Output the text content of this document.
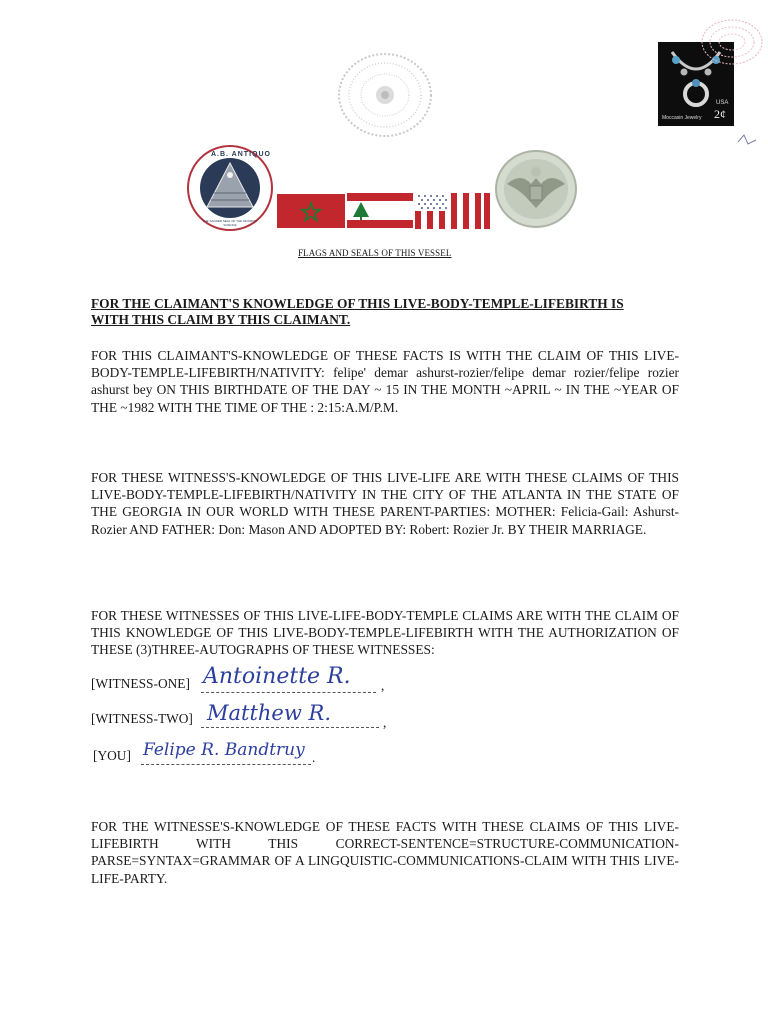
Moccasin Jewelry
USA
2¢
A.B. ANTIQUO
THE SACRED SEAL OF THE MOORISH SCIENCE
FLAGS AND SEALS OF THIS VESSEL
FOR THE CLAIMANT'S KNOWLEDGE OF THIS LIVE-BODY-TEMPLE-LIFEBIRTH IS
WITH THIS CLAIM BY THIS CLAIMANT.
FOR THIS CLAIMANT'S-KNOWLEDGE OF THESE FACTS IS WITH THE CLAIM OF THIS LIVE-BODY-TEMPLE-LIFEBIRTH/NATIVITY: felipe' demar ashurst-rozier/felipe demar rozier/felipe rozier ashurst bey ON THIS BIRTHDATE OF THE DAY ~ 15 IN THE MONTH ~APRIL ~ IN THE ~YEAR OF THE ~1982 WITH THE TIME OF THE : 2:15:A.M/P.M.
FOR THESE WITNESS'S-KNOWLEDGE OF THIS LIVE-LIFE ARE WITH THESE CLAIMS OF THIS LIVE-BODY-TEMPLE-LIFEBIRTH/NATIVITY IN THE CITY OF THE ATLANTA IN THE STATE OF THE GEORGIA IN OUR WORLD WITH THESE PARENT-PARTIES: MOTHER: Felicia-Gail: Ashurst-Rozier AND FATHER: Don: Mason AND ADOPTED BY: Robert: Rozier Jr. BY THEIR MARRIAGE.
FOR THESE WITNESSES OF THIS LIVE-LIFE-BODY-TEMPLE CLAIMS ARE WITH THE CLAIM OF THIS KNOWLEDGE OF THIS LIVE-BODY-TEMPLE-LIFEBIRTH WITH THE AUTHORIZATION OF THESE (3)THREE-AUTOGRAPHS OF THESE WITNESSES:
[WITNESS-ONE] Antoinette R. ,
[WITNESS-TWO] Matthew R.	,
[YOU] Felipe R. Bandtruy .
FOR THE WITNESSE'S-KNOWLEDGE OF THESE FACTS WITH THESE CLAIMS OF THIS LIVE-LIFEBIRTH WITH THIS CORRECT-SENTENCE=STRUCTURE-COMMUNICATION-PARSE=SYNTAX=GRAMMAR OF A LINGQUISTIC-COMMUNICATIONS-CLAIM WITH THIS LIVE-LIFE-PARTY.
